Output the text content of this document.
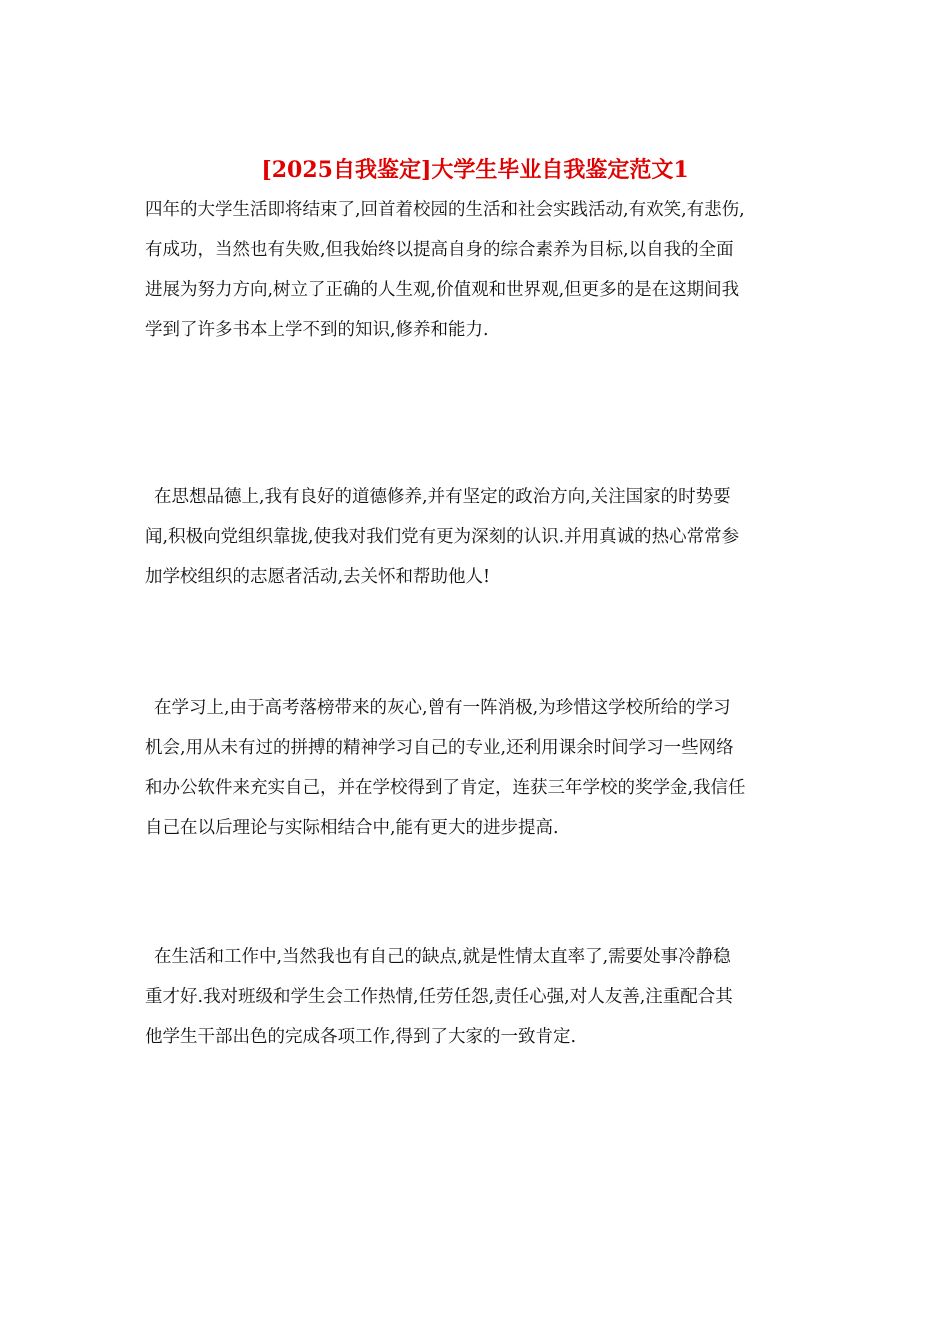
[2025自我鉴定]大学生毕业自我鉴定范文1
四年的大学生活即将结束了,回首着校园的生活和社会实践活动,有欢笑,有悲伤,
有成功，当然也有失败,但我始终以提高自身的综合素养为目标,以自我的全面
进展为努力方向,树立了正确的人生观,价值观和世界观,但更多的是在这期间我
学到了许多书本上学不到的知识,修养和能力.
在思想品德上,我有良好的道德修养,并有坚定的政治方向,关注国家的时势要
闻,积极向党组织靠拢,使我对我们党有更为深刻的认识.并用真诚的热心常常参
加学校组织的志愿者活动,去关怀和帮助他人!
在学习上,由于高考落榜带来的灰心,曾有一阵消极,为珍惜这学校所给的学习
机会,用从未有过的拼搏的精神学习自己的专业,还利用课余时间学习一些网络
和办公软件来充实自己，并在学校得到了肯定，连获三年学校的奖学金,我信任
自己在以后理论与实际相结合中,能有更大的进步提高.
在生活和工作中,当然我也有自己的缺点,就是性情太直率了,需要处事冷静稳
重才好.我对班级和学生会工作热情,任劳任怨,责任心强,对人友善,注重配合其
他学生干部出色的完成各项工作,得到了大家的一致肯定.
